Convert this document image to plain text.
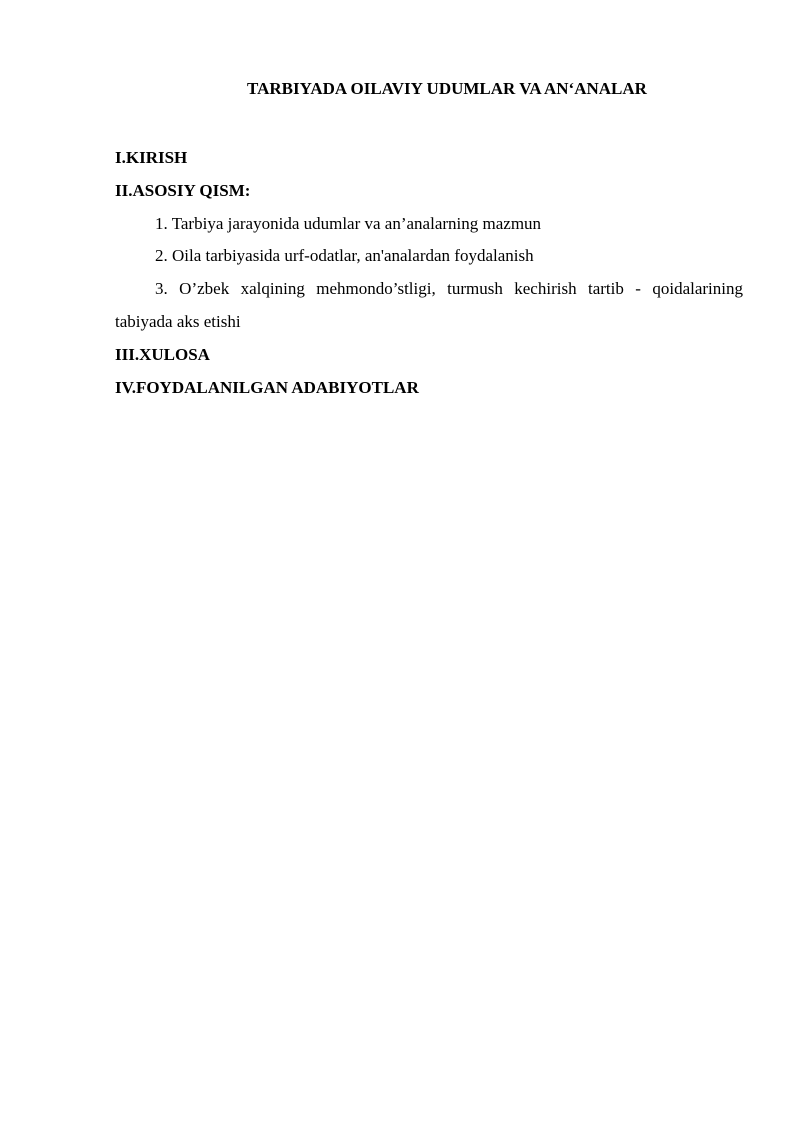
TARBIYADA OILAVIY UDUMLAR VA AN‘ANALAR
I.KIRISH
II.ASOSIY QISM:
1. Tarbiya jarayonida udumlar va an’analarning mazmun
2. Oila tarbiyasida urf-odatlar, an'analardan foydalanish
3. O’zbek xalqining mehmondo’stligi, turmush kechirish tartib - qoidalarining tabiyada aks etishi
III.XULOSA
IV.FOYDALANILGAN ADABIYOTLAR
